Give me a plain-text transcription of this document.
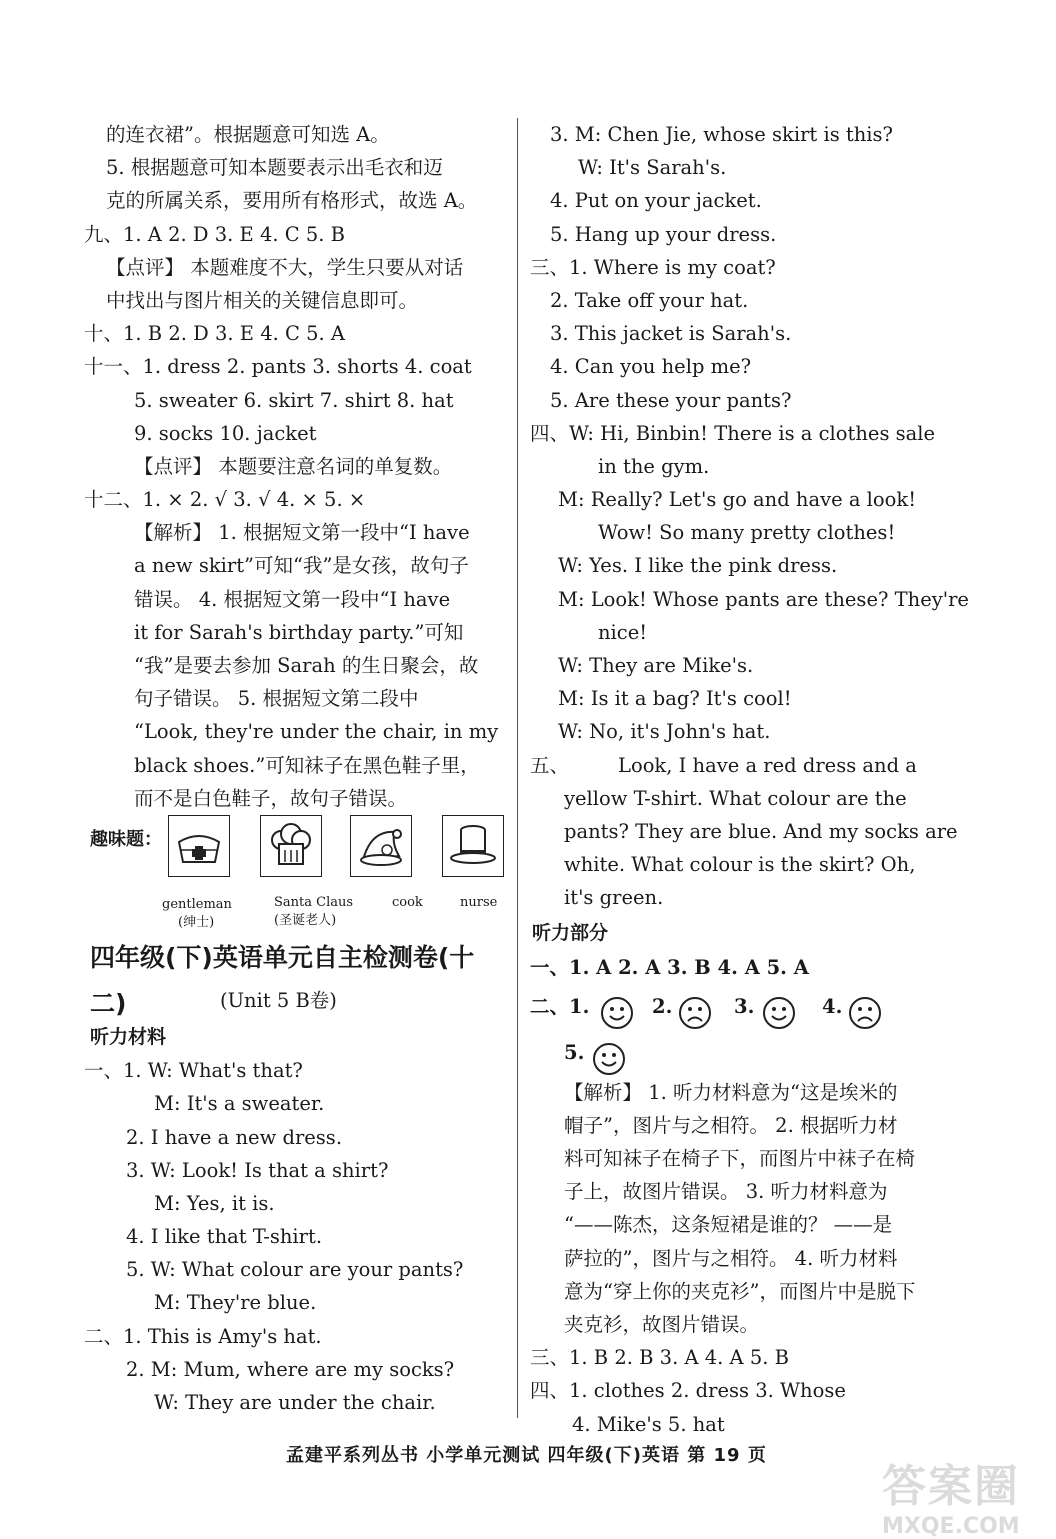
的连衣裙”。根据题意可知选 A。
5. 根据题意可知本题要表示出毛衣和迈
克的所属关系，要用所有格形式，故选 A。
九、1. A 2. D 3. E 4. C 5. B
【点评】 本题难度不大，学生只要从对话
中找出与图片相关的关键信息即可。
十、1. B 2. D 3. E 4. C 5. A
十一、1. dress 2. pants 3. shorts 4. coat
5. sweater 6. skirt 7. shirt 8. hat
9. socks 10. jacket
【点评】 本题要注意名词的单复数。
十二、1. × 2. √ 3. √ 4. × 5. ×
【解析】 1. 根据短文第一段中“I have
a new skirt”可知“我”是女孩，故句子
错误。 4. 根据短文第一段中“I have
it for Sarah's birthday party.”可知
“我”是要去参加 Sarah 的生日聚会，故
句子错误。 5. 根据短文第二段中
“Look, they're under the chair, in my
black shoes.”可知袜子在黑色鞋子里，
而不是白色鞋子，故句子错误。
趣味题：
gentleman
(绅士)
Santa Claus
(圣诞老人)
cook	nurse
四年级(下)英语单元自主检测卷(十二)	(Unit 5 B卷)
听力材料
一、1. W: What's that?
M: It's a sweater.
2. I have a new dress.
3. W: Look! Is that a shirt?
M: Yes, it is.
4. I like that T-shirt.
5. W: What colour are your pants?
M: They're blue.
二、1. This is Amy's hat.
2. M: Mum, where are my socks?
W: They are under the chair.
3. M: Chen Jie, whose skirt is this?
W: It's Sarah's.
4. Put on your jacket.
5. Hang up your dress.
三、1. Where is my coat?
2. Take off your hat.
3. This jacket is Sarah's.
4. Can you help me?
5. Are these your pants?
四、W: Hi, Binbin! There is a clothes sale
in the gym.
M: Really? Let's go and have a look!
Wow! So many pretty clothes!
W: Yes. I like the pink dress.
M: Look! Whose pants are these? They're
nice!
W: They are Mike's.
M: Is it a bag? It's cool!
W: No, it's John's hat.
五、	Look, I have a red dress and a
yellow T-shirt. What colour are the
pants? They are blue. And my socks are
white. What colour is the skirt? Oh,
it's green.
听力部分
一、1. A 2. A 3. B 4. A 5. A
二、1.	2.	3.	4.
5.
【解析】 1. 听力材料意为“这是埃米的
帽子”，图片与之相符。 2. 根据听力材
料可知袜子在椅子下，而图片中袜子在椅
子上，故图片错误。 3. 听力材料意为
“——陈杰，这条短裙是谁的？ ——是
萨拉的”，图片与之相符。 4. 听力材料
意为“穿上你的夹克衫”，而图片中是脱下
夹克衫，故图片错误。
三、1. B 2. B 3. A 4. A 5. B
四、1. clothes 2. dress 3. Whose
4. Mike's 5. hat
孟建平系列丛书 小学单元测试 四年级(下)英语 第 19 页
答案圈
MXQE.COM
